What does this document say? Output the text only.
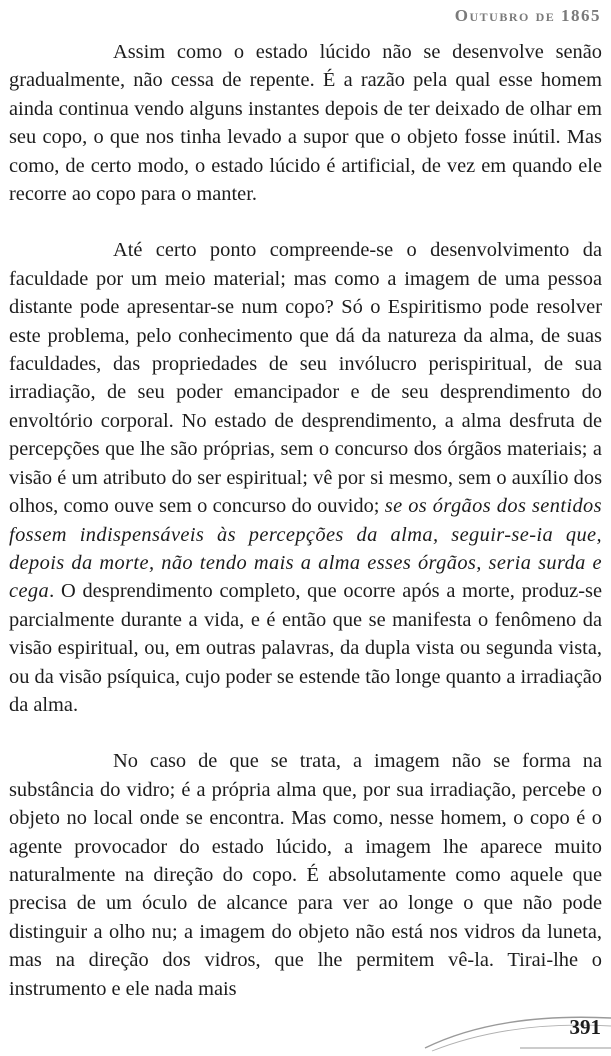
Outubro de 1865

Assim como o estado lúcido não se desenvolve senão gradualmente, não cessa de repente. É a razão pela qual esse homem ainda continua vendo alguns instantes depois de ter deixado de olhar em seu copo, o que nos tinha levado a supor que o objeto fosse inútil. Mas como, de certo modo, o estado lúcido é artificial, de vez em quando ele recorre ao copo para o manter.

Até certo ponto compreende-se o desenvolvimento da faculdade por um meio material; mas como a imagem de uma pessoa distante pode apresentar-se num copo? Só o Espiritismo pode resolver este problema, pelo conhecimento que dá da natureza da alma, de suas faculdades, das propriedades de seu invólucro perispiritual, de sua irradiação, de seu poder emancipador e de seu desprendimento do envoltório corporal. No estado de desprendimento, a alma desfruta de percepções que lhe são próprias, sem o concurso dos órgãos materiais; a visão é um atributo do ser espiritual; vê por si mesmo, sem o auxílio dos olhos, como ouve sem o concurso do ouvido; se os órgãos dos sentidos fossem indispensáveis às percepções da alma, seguir-se-ia que, depois da morte, não tendo mais a alma esses órgãos, seria surda e cega. O desprendimento completo, que ocorre após a morte, produz-se parcialmente durante a vida, e é então que se manifesta o fenômeno da visão espiritual, ou, em outras palavras, da dupla vista ou segunda vista, ou da visão psíquica, cujo poder se estende tão longe quanto a irradiação da alma.

No caso de que se trata, a imagem não se forma na substância do vidro; é a própria alma que, por sua irradiação, percebe o objeto no local onde se encontra. Mas como, nesse homem, o copo é o agente provocador do estado lúcido, a imagem lhe aparece muito naturalmente na direção do copo. É absolutamente como aquele que precisa de um óculo de alcance para ver ao longe o que não pode distinguir a olho nu; a imagem do objeto não está nos vidros da luneta, mas na direção dos vidros, que lhe permitem vê-la. Tirai-lhe o instrumento e ele nada mais

391
